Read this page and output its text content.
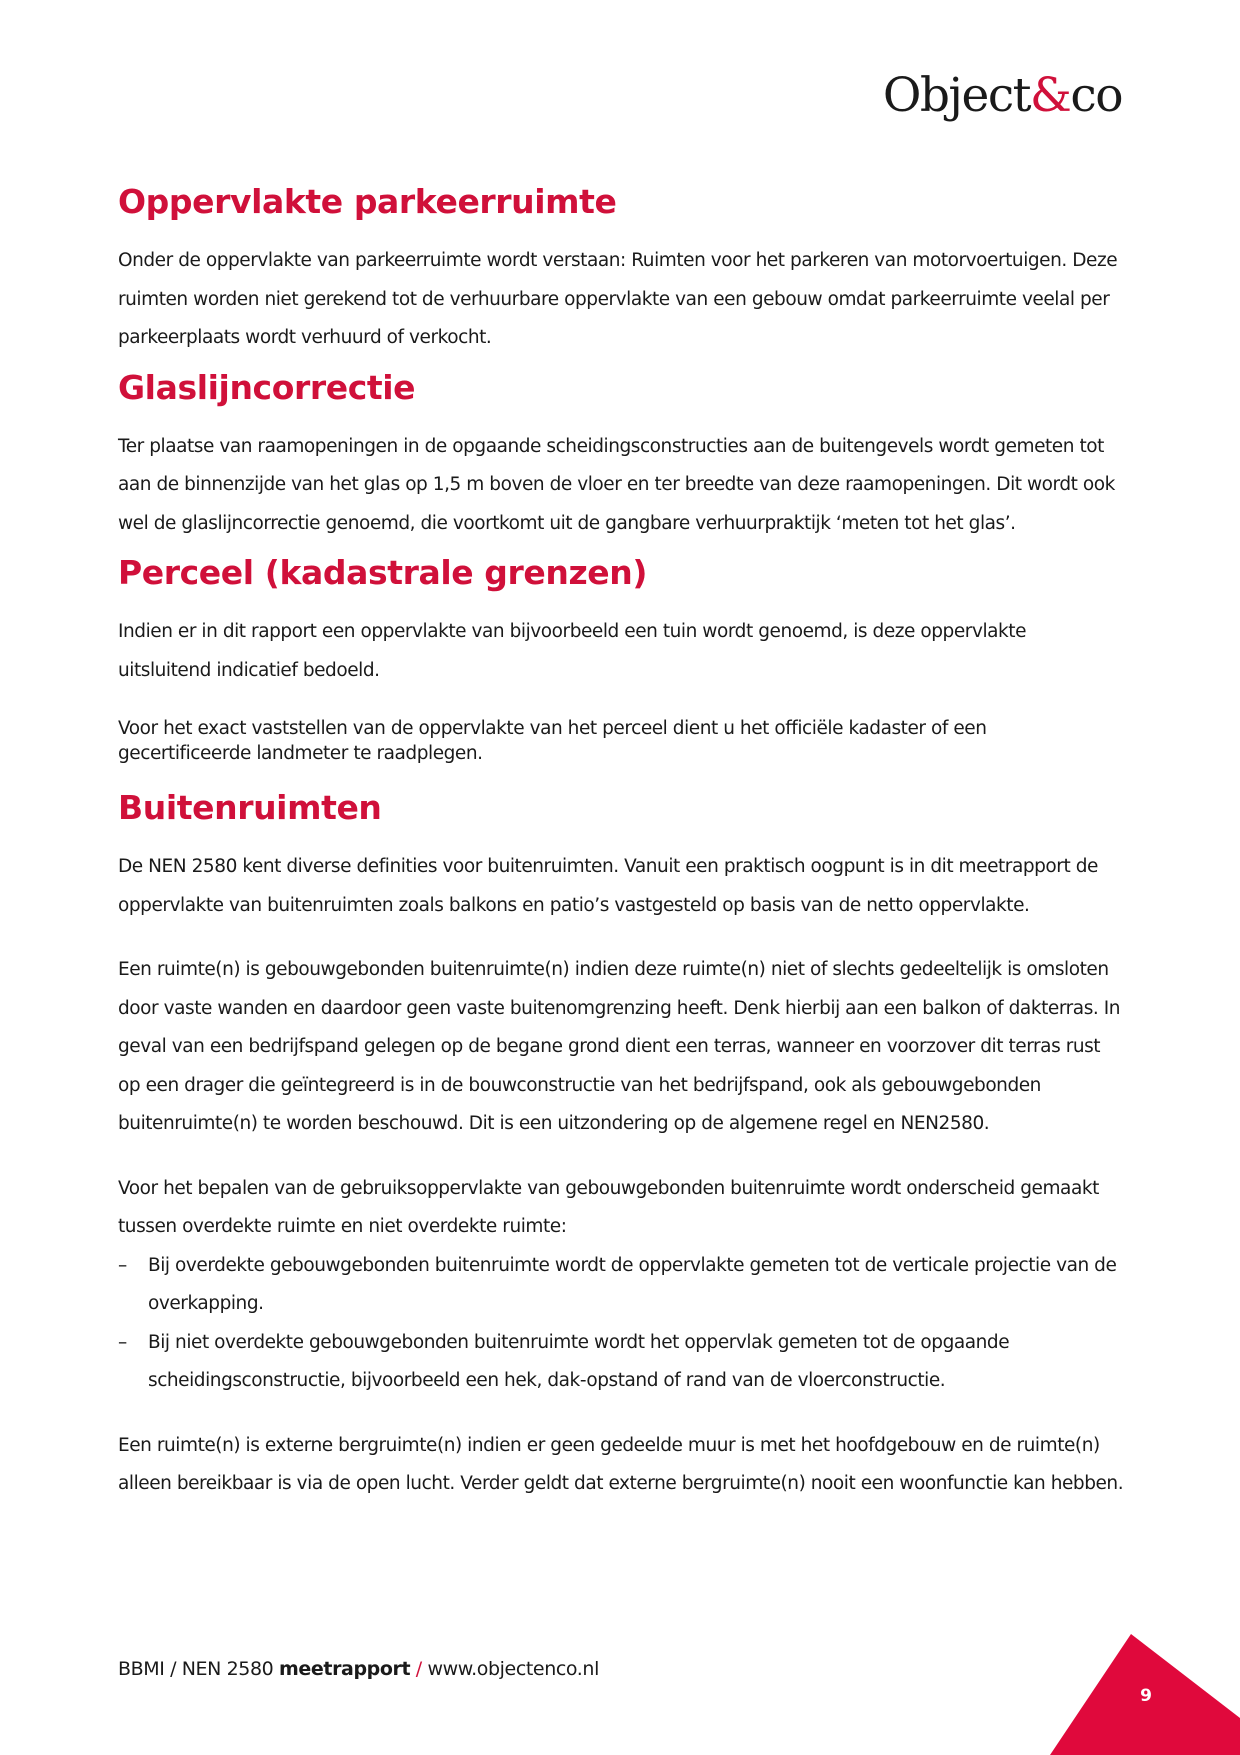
Object&co
Oppervlakte parkeerruimte

Onder de oppervlakte van parkeerruimte wordt verstaan: Ruimten voor het parkeren van motorvoertuigen. Deze ruimten worden niet gerekend tot de verhuurbare oppervlakte van een gebouw omdat parkeerruimte veelal per parkeerplaats wordt verhuurd of verkocht.

Glaslijncorrectie

Ter plaatse van raamopeningen in de opgaande scheidingsconstructies aan de buitengevels wordt gemeten tot aan de binnenzijde van het glas op 1,5 m boven de vloer en ter breedte van deze raamopeningen. Dit wordt ook wel de glaslijncorrectie genoemd, die voortkomt uit de gangbare verhuurpraktijk ‘meten tot het glas’.

Perceel (kadastrale grenzen)

Indien er in dit rapport een oppervlakte van bijvoorbeeld een tuin wordt genoemd, is deze oppervlakte uitsluitend indicatief bedoeld.

Voor het exact vaststellen van de oppervlakte van het perceel dient u het officiële kadaster of een gecertificeerde landmeter te raadplegen.

Buitenruimten

De NEN 2580 kent diverse definities voor buitenruimten. Vanuit een praktisch oogpunt is in dit meetrapport de oppervlakte van buitenruimten zoals balkons en patio’s vastgesteld op basis van de netto oppervlakte.

Een ruimte(n) is gebouwgebonden buitenruimte(n) indien deze ruimte(n) niet of slechts gedeeltelijk is omsloten door vaste wanden en daardoor geen vaste buitenomgrenzing heeft. Denk hierbij aan een balkon of dakterras. In geval van een bedrijfspand gelegen op de begane grond dient een terras, wanneer en voorzover dit terras rust op een drager die geïntegreerd is in de bouwconstructie van het bedrijfspand, ook als gebouwgebonden buitenruimte(n) te worden beschouwd. Dit is een uitzondering op de algemene regel en NEN2580.

Voor het bepalen van de gebruiksoppervlakte van gebouwgebonden buitenruimte wordt onderscheid gemaakt tussen overdekte ruimte en niet overdekte ruimte:

– Bij overdekte gebouwgebonden buitenruimte wordt de oppervlakte gemeten tot de verticale projectie van de overkapping.
– Bij niet overdekte gebouwgebonden buitenruimte wordt het oppervlak gemeten tot de opgaande scheidingsconstructie, bijvoorbeeld een hek, dak-opstand of rand van de vloerconstructie.

Een ruimte(n) is externe bergruimte(n) indien er geen gedeelde muur is met het hoofdgebouw en de ruimte(n) alleen bereikbaar is via de open lucht. Verder geldt dat externe bergruimte(n) nooit een woonfunctie kan hebben.

BBMI / NEN 2580 meetrapport / www.objectenco.nl
9
